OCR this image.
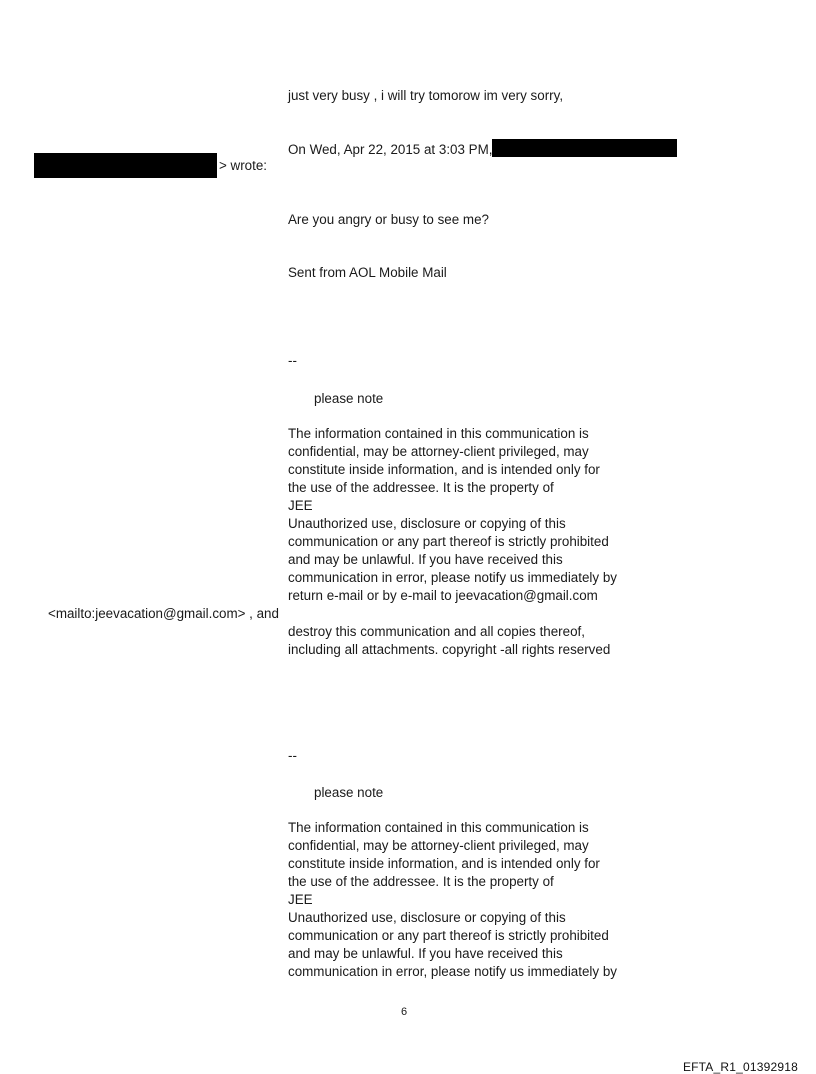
just very busy , i will try tomorow im very sorry,

On Wed, Apr 22, 2015 at 3:03 PM,

> wrote:

Are you angry or busy to see me?

Sent from AOL Mobile Mail

--

please note

The information contained in this communication is
confidential, may be attorney-client privileged, may
constitute inside information, and is intended only for
the use of the addressee. It is the property of
JEE
Unauthorized use, disclosure or copying of this
communication or any part thereof is strictly prohibited
and may be unlawful. If you have received this
communication in error, please notify us immediately by
return e-mail or by e-mail to jeevacation@gmail.com

<mailto:jeevacation@gmail.com> , and

destroy this communication and all copies thereof,
including all attachments. copyright -all rights reserved

--

please note

The information contained in this communication is
confidential, may be attorney-client privileged, may
constitute inside information, and is intended only for
the use of the addressee. It is the property of
JEE
Unauthorized use, disclosure or copying of this
communication or any part thereof is strictly prohibited
and may be unlawful. If you have received this
communication in error, please notify us immediately by

6

EFTA_R1_01392918
